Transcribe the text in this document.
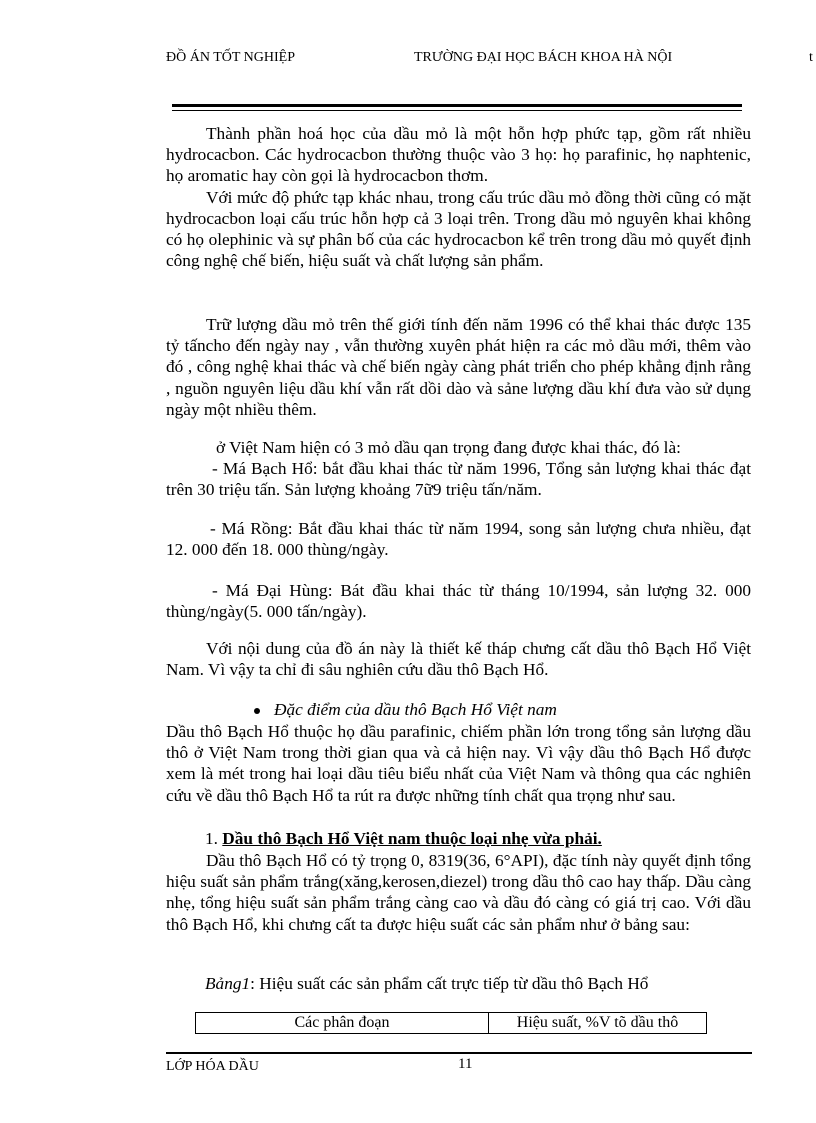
ĐỒ ÁN TỐT NGHIỆP	TRƯỜNG ĐẠI HỌC BÁCH KHOA HÀ NỘI	t

Thành phần hoá học của dầu mỏ là một hỗn hợp phức tạp, gồm rất nhiều hydrocacbon. Các hydrocacbon thường thuộc vào 3 họ: họ parafinic, họ naphtenic, họ aromatic hay còn gọi là hydrocacbon thơm.

Với mức độ phức tạp khác nhau, trong cấu trúc dầu mỏ đồng thời cũng có mặt hydrocacbon loại cấu trúc hỗn hợp cả 3 loại trên. Trong dầu mỏ nguyên khai không có họ olephinic và sự phân bố của các hydrocacbon kể trên trong dầu mỏ quyết định công nghệ chế biến, hiệu suất và chất lượng sản phẩm.

Trữ lượng dầu mỏ trên thế giới tính đến năm 1996 có thể khai thác được 135 tỷ tấncho đến ngày nay , vẫn thường xuyên phát hiện ra các mỏ dầu mới, thêm vào đó , công nghệ khai thác và chế biến ngày càng phát triển cho phép khẳng định rằng , nguồn nguyên liệu dầu khí vẫn rất dồi dào và sảne lượng dầu khí đưa vào sử dụng ngày một nhiều thêm.

ở Việt Nam hiện có 3 mỏ dầu qan trọng đang được khai thác, đó là:

- Má Bạch Hổ: bắt đầu khai thác từ năm 1996, Tổng sản lượng khai thác đạt trên 30 triệu tấn. Sản lượng khoảng 7ữ9 triệu tấn/năm.

- Má Rồng: Bắt đầu khai thác từ năm 1994, song sản lượng chưa nhiều, đạt 12. 000 đến 18. 000 thùng/ngày.

- Má Đại Hùng: Bát đầu khai thác từ tháng 10/1994, sản lượng 32. 000 thùng/ngày(5. 000 tấn/ngày).

Với nội dung của đồ án này là thiết kế tháp chưng cất dầu thô Bạch Hổ Việt Nam. Vì vậy ta chỉ đi sâu nghiên cứu dầu thô Bạch Hổ.

Đặc điểm của dầu thô Bạch Hổ Việt nam

Dầu thô Bạch Hổ thuộc họ dầu parafinic, chiếm phần lớn trong tổng sản lượng dầu thô ở Việt Nam trong thời gian qua và cả hiện nay. Vì vậy dầu thô Bạch Hổ được xem là mét trong hai loại dầu tiêu biểu nhất của Việt Nam và thông qua các nghiên cứu về dầu thô Bạch Hổ ta rút ra được những tính chất qua trọng như sau.

1. Dầu thô Bạch Hổ Việt nam thuộc loại nhẹ vừa phải.

Dầu thô Bạch Hổ có tỷ trọng 0, 8319(36, 6°API), đặc tính này quyết định tổng hiệu suất sản phẩm trắng(xăng,kerosen,diezel) trong dầu thô cao hay thấp. Dầu càng nhẹ, tổng hiệu suất sản phẩm trắng càng cao và dầu đó càng có giá trị cao. Với dầu thô Bạch Hổ, khi chưng cất ta được hiệu suất các sản phẩm như ở bảng sau:

Bảng1: Hiệu suất các sản phẩm cất trực tiếp từ dầu thô Bạch Hổ
Các phân đoạn	Hiệu suất, %V tõ dầu thô
11
LỚP HÓA DẦU
